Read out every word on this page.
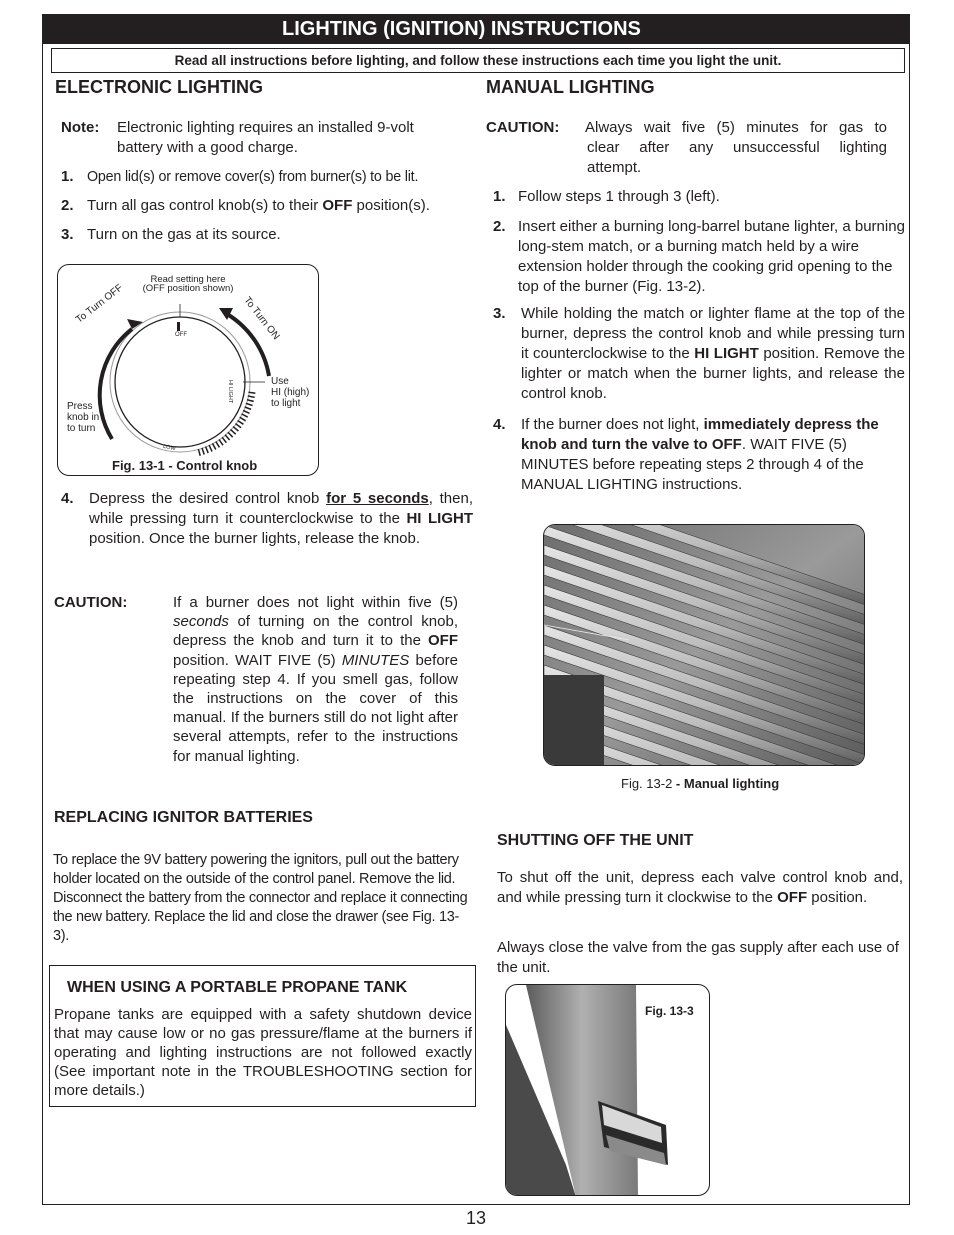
LIGHTING (IGNITION) INSTRUCTIONS
Read all instructions before lighting, and follow these instructions each time you light the unit.
ELECTRONIC LIGHTING
Note: Electronic lighting requires an installed 9-volt
battery with a good charge.
1. Open lid(s) or remove cover(s) from burner(s) to be lit.
2. Turn all gas control knob(s) to their OFF position(s).
3. Turn on the gas at its source.
Read setting here
(OFF position shown)
To Turn OFF	To Turn ON
OFF
HI LIGHT
LOW
Press
knob in
to turn
Use
HI (high)
to light
Fig. 13-1 - Control knob
4. Depress the desired control knob for 5 seconds, then, while pressing turn it counterclockwise to the HI LIGHT position. Once the burner lights, release the knob.
CAUTION:	If a burner does not light within five (5) seconds of turning on the control knob, depress the knob and turn it to the OFF position. WAIT FIVE (5) MINUTES before repeating step 4. If you smell gas, follow the instructions on the cover of this manual. If the burners still do not light after several attempts, refer to the instructions for manual lighting.
MANUAL LIGHTING
CAUTION: Always wait five (5) minutes for gas to
clear after any unsuccessful lighting
attempt.
1. Follow steps 1 through 3 (left).
2. Insert either a burning long-barrel butane lighter, a burning long-stem match, or a burning match held by a wire extension holder through the cooking grid opening to the top of the burner (Fig. 13-2).
3. While holding the match or lighter flame at the top of the burner, depress the control knob and while pressing turn it counterclockwise to the HI LIGHT position. Remove the lighter or match when the burner lights, and release the control knob.
4. If the burner does not light, immediately depress the knob and turn the valve to OFF. WAIT FIVE (5) MINUTES before repeating steps 2 through 4 of the MANUAL LIGHTING instructions.
Fig. 13-2 - Manual lighting
REPLACING IGNITOR BATTERIES
To replace the 9V battery powering the ignitors, pull out the battery holder located on the outside of the control panel. Remove the lid. Disconnect the battery from the connector and replace it connecting the new battery. Replace the lid and close the drawer (see Fig. 13-3).
WHEN USING A PORTABLE PROPANE TANK
Propane tanks are equipped with a safety shutdown device that may cause low or no gas pressure/flame at the burners if operating and lighting instructions are not followed exactly (See important note in the TROUBLESHOOTING section for more details.)
SHUTTING OFF THE UNIT
To shut off the unit, depress each valve control knob and, and while pressing turn it clockwise to the OFF position.
Always close the valve from the gas supply after each use of the unit.
Fig. 13-3
13
